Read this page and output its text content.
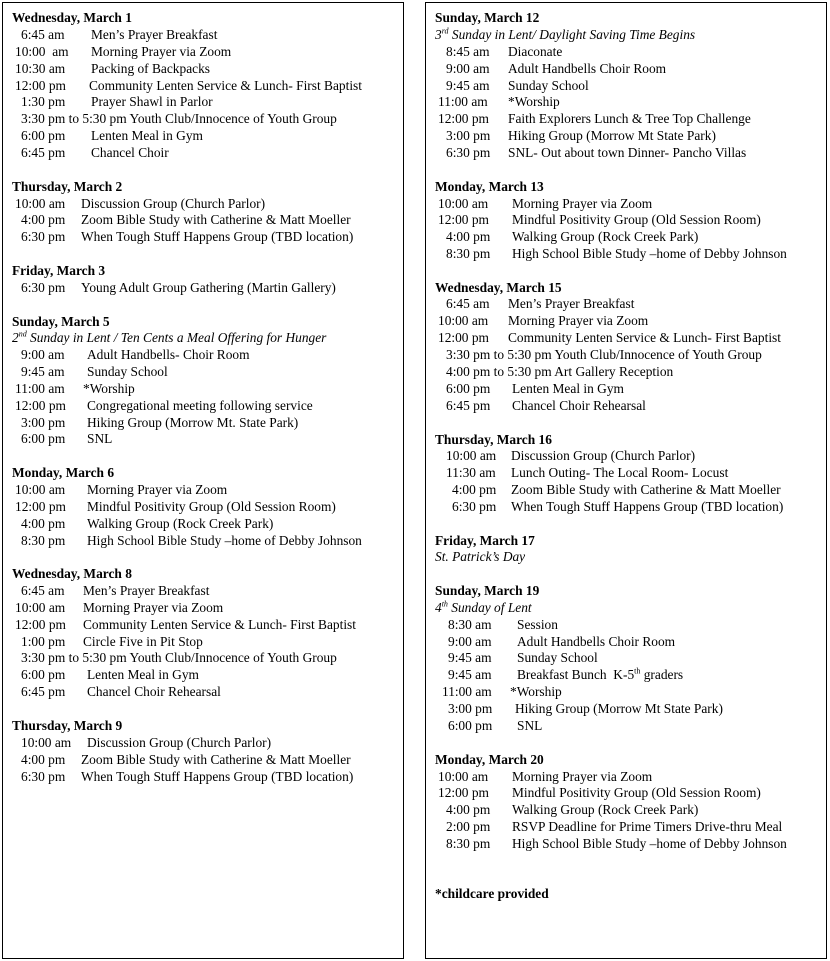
Wednesday, March 1
6:45 am Men’s Prayer Breakfast
10:00  am Morning Prayer via Zoom
10:30 am Packing of Backpacks
12:00 pm Community Lenten Service & Lunch- First Baptist
1:30 pm Prayer Shawl in Parlor
3:30 pm to 5:30 pm Youth Club/Innocence of Youth Group
6:00 pm Lenten Meal in Gym
6:45 pm Chancel Choir
Thursday, March 2
10:00 am Discussion Group (Church Parlor)
4:00 pm Zoom Bible Study with Catherine & Matt Moeller
6:30 pm When Tough Stuff Happens Group (TBD location)
Friday, March 3
6:30 pm Young Adult Group Gathering (Martin Gallery)
Sunday, March 5
2nd Sunday in Lent / Ten Cents a Meal Offering for Hunger
9:00 am Adult Handbells- Choir Room
9:45 am Sunday School
11:00 am *Worship
12:00 pm Congregational meeting following service
3:00 pm Hiking Group (Morrow Mt. State Park)
6:00 pm SNL
Monday, March 6
10:00 am Morning Prayer via Zoom
12:00 pm Mindful Positivity Group (Old Session Room)
4:00 pm Walking Group (Rock Creek Park)
8:30 pm High School Bible Study –home of Debby Johnson
Wednesday, March 8
6:45 am Men’s Prayer Breakfast
10:00 am Morning Prayer via Zoom
12:00 pm Community Lenten Service & Lunch- First Baptist
1:00 pm Circle Five in Pit Stop
3:30 pm to 5:30 pm Youth Club/Innocence of Youth Group
6:00 pm Lenten Meal in Gym
6:45 pm Chancel Choir Rehearsal
Thursday, March 9
10:00 am Discussion Group (Church Parlor)
4:00 pm Zoom Bible Study with Catherine & Matt Moeller
6:30 pm When Tough Stuff Happens Group (TBD location)
Sunday, March 12
3rd Sunday in Lent/ Daylight Saving Time Begins
8:45 am Diaconate
9:00 am Adult Handbells Choir Room
9:45 am Sunday School
11:00 am *Worship
12:00 pm Faith Explorers Lunch & Tree Top Challenge
3:00 pm Hiking Group (Morrow Mt State Park)
6:30 pm SNL- Out about town Dinner- Pancho Villas
Monday, March 13
10:00 am Morning Prayer via Zoom
12:00 pm Mindful Positivity Group (Old Session Room)
4:00 pm Walking Group (Rock Creek Park)
8:30 pm High School Bible Study –home of Debby Johnson
Wednesday, March 15
6:45 am Men’s Prayer Breakfast
10:00 am Morning Prayer via Zoom
12:00 pm Community Lenten Service & Lunch- First Baptist
3:30 pm to 5:30 pm Youth Club/Innocence of Youth Group
4:00 pm to 5:30 pm Art Gallery Reception
6:00 pm Lenten Meal in Gym
6:45 pm Chancel Choir Rehearsal
Thursday, March 16
10:00 am Discussion Group (Church Parlor)
11:30 am Lunch Outing- The Local Room- Locust
4:00 pm Zoom Bible Study with Catherine & Matt Moeller
6:30 pm When Tough Stuff Happens Group (TBD location)
Friday, March 17
St. Patrick’s Day
Sunday, March 19
4th Sunday of Lent
8:30 am Session
9:00 am Adult Handbells Choir Room
9:45 am Sunday School
9:45 am Breakfast Bunch  K-5th graders
11:00 am *Worship
3:00 pm Hiking Group (Morrow Mt State Park)
6:00 pm SNL
Monday, March 20
10:00 am Morning Prayer via Zoom
12:00 pm Mindful Positivity Group (Old Session Room)
4:00 pm Walking Group (Rock Creek Park)
2:00 pm RSVP Deadline for Prime Timers Drive-thru Meal
8:30 pm High School Bible Study –home of Debby Johnson
*childcare provided
